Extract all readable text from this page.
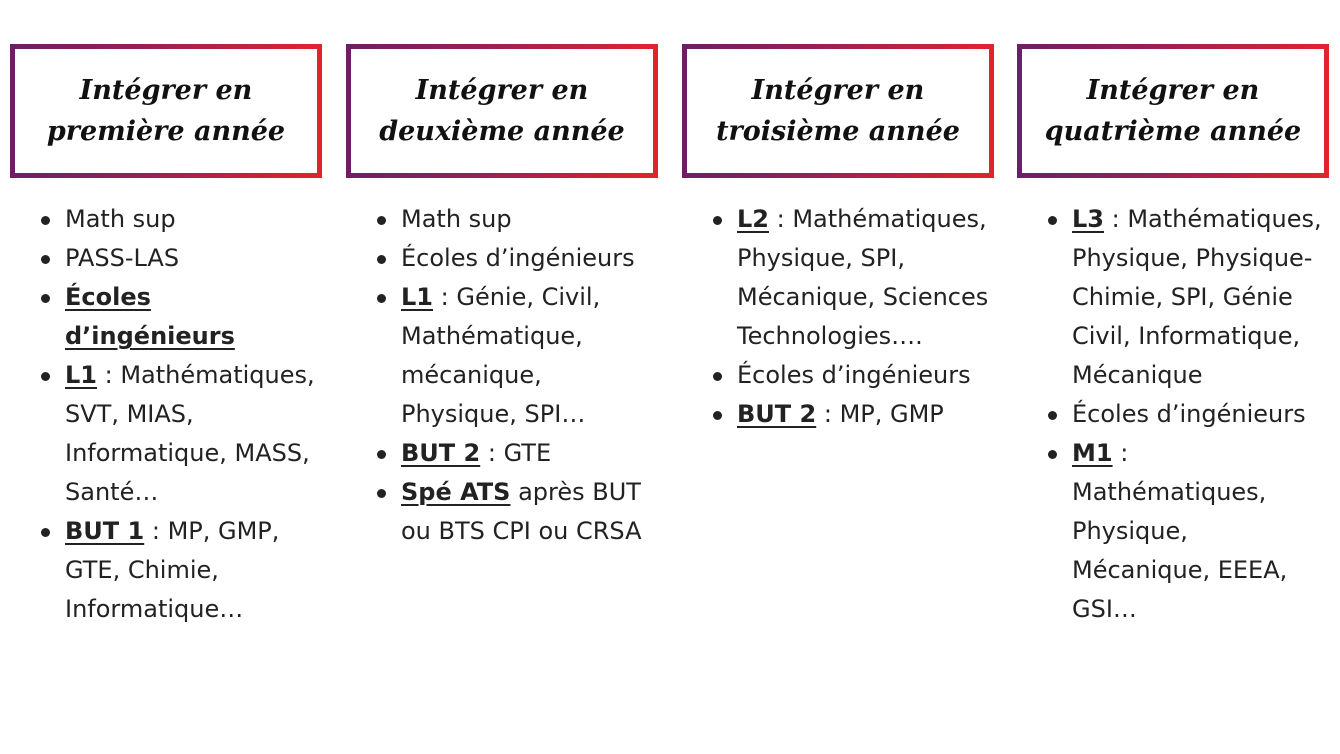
Intégrer en
première année
Math sup
PASS-LAS
Écoles d’ingénieurs
L1 : Mathématiques, SVT, MIAS, Informatique, MASS, Santé…
BUT 1 : MP, GMP, GTE, Chimie, Informatique…
Intégrer en
deuxième année
Math sup
Écoles d’ingénieurs
L1 : Génie, Civil, Mathématique, mécanique, Physique, SPI…
BUT 2 : GTE
Spé ATS après BUT ou BTS CPI ou CRSA
Intégrer en
troisième année
L2 : Mathématiques, Physique, SPI, Mécanique, Sciences Technologies….
Écoles d’ingénieurs
BUT 2 : MP, GMP
Intégrer en
quatrième année
L3 : Mathématiques, Physique, Physique-Chimie, SPI, Génie Civil, Informatique, Mécanique
Écoles d’ingénieurs
M1 : Mathématiques, Physique, Mécanique, EEEA, GSI…
